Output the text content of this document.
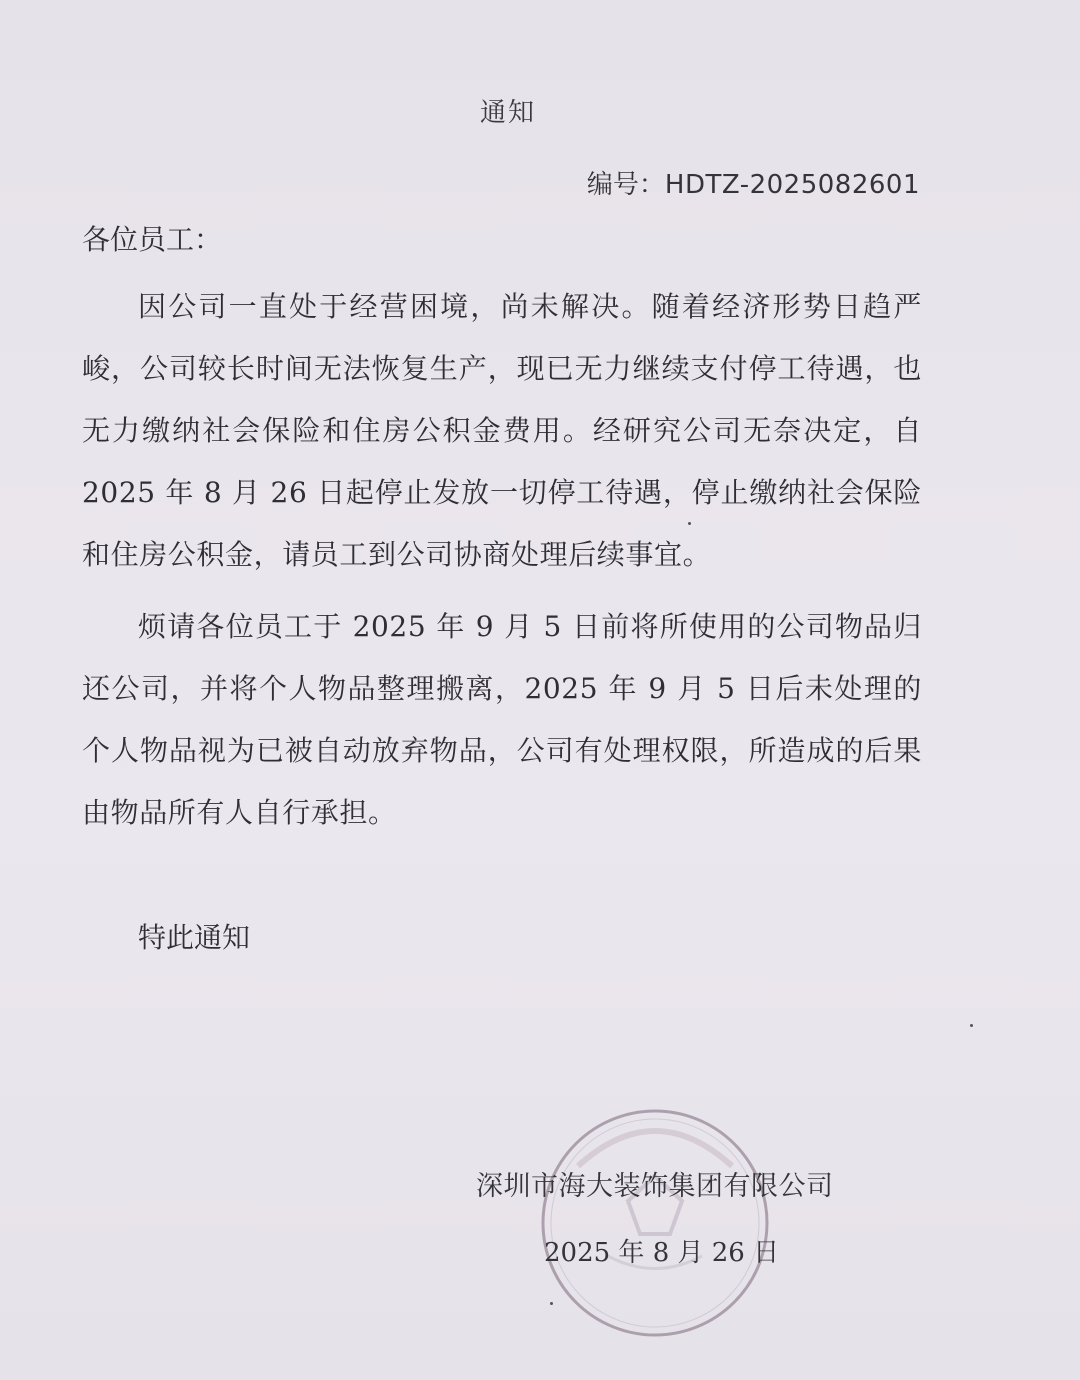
通知
编号：HDTZ-2025082601
各位员工：
因公司一直处于经营困境，尚未解决。随着经济形势日趋严峻，公司较长时间无法恢复生产，现已无力继续支付停工待遇，也无力缴纳社会保险和住房公积金费用。经研究公司无奈决定，自 2025 年 8 月 26 日起停止发放一切停工待遇，停止缴纳社会保险和住房公积金，请员工到公司协商处理后续事宜。
烦请各位员工于 2025 年 9 月 5 日前将所使用的公司物品归还公司，并将个人物品整理搬离，2025 年 9 月 5 日后未处理的个人物品视为已被自动放弃物品，公司有处理权限，所造成的后果由物品所有人自行承担。
特此通知
深圳市海大装饰集团有限公司
2025 年 8 月 26 日
